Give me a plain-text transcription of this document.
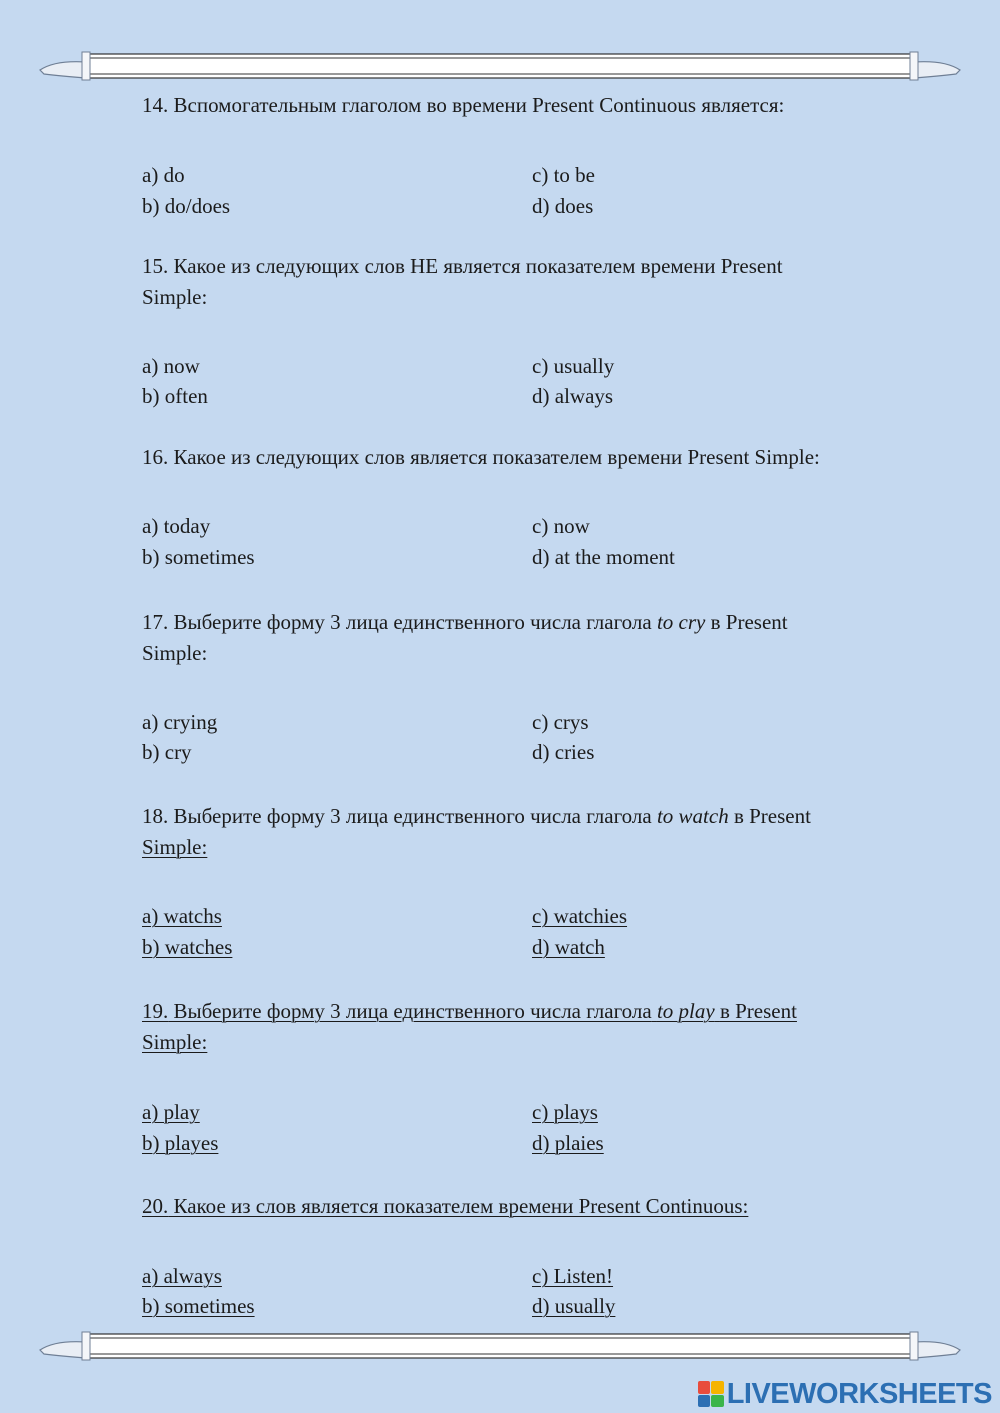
14. Вспомогательным глаголом во времени Present Continuous является:

a) do
b) do/does
c) to be
d) does

15. Какое из следующих слов НЕ является показателем времени Present
Simple:

a) now
b) often
c) usually
d) always

16. Какое из следующих слов является показателем времени Present Simple:

a) today
b) sometimes
c) now
d) at the moment

17. Выберите форму 3 лица единственного числа глагола to cry в Present
Simple:

a) crying
b) cry
c) crys
d) cries

18. Выберите форму 3 лица единственного числа глагола to watch в Present
Simple:

a) watchs
b) watches
c) watchies
d) watch

19. Выберите форму 3 лица единственного числа глагола to play в Present
Simple:

a) play
b) playes
c) plays
d) plaies

20. Какое из слов является показателем времени Present Continuous:

a) always
b) sometimes
c) Listen!
d) usually
LIVEWORKSHEETS
